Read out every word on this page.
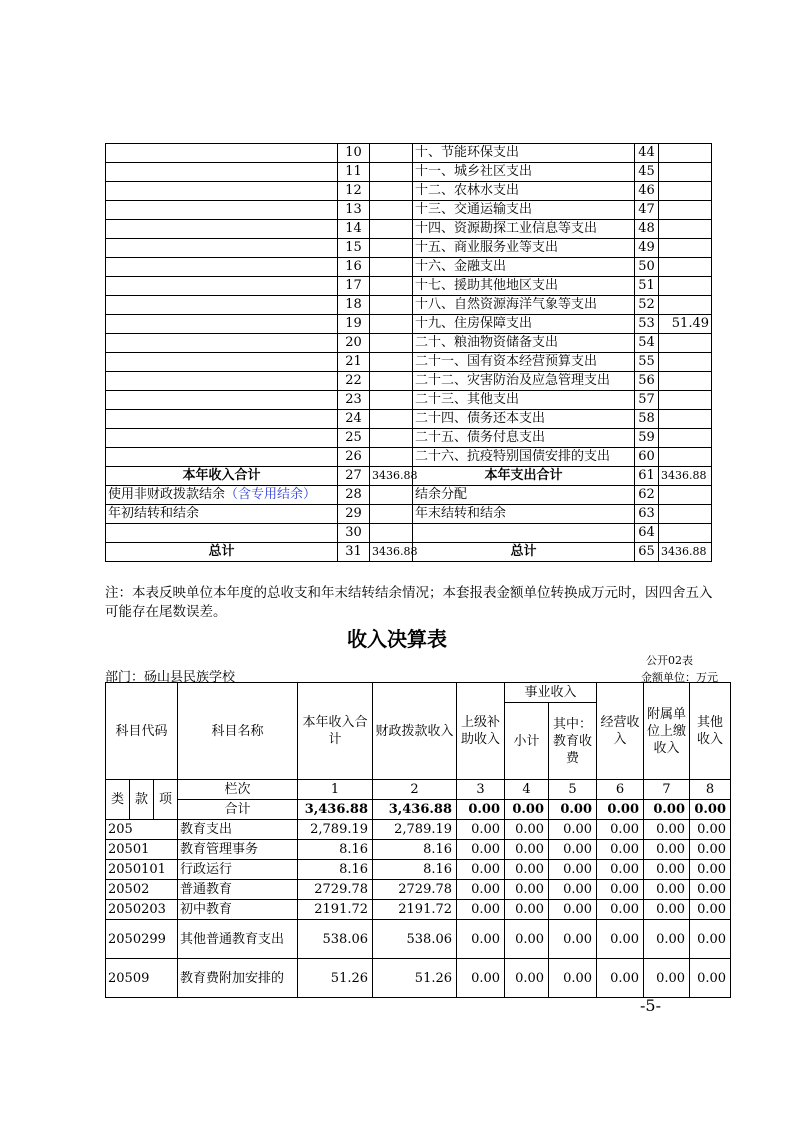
	10		十、节能环保支出	44	
	11		十一、城乡社区支出	45	
	12		十二、农林水支出	46	
	13		十三、交通运输支出	47	
	14		十四、资源勘探工业信息等支出	48	
	15		十五、商业服务业等支出	49	
	16		十六、金融支出	50	
	17		十七、援助其他地区支出	51	
	18		十八、自然资源海洋气象等支出	52	
	19		十九、住房保障支出	53	51.49
	20		二十、粮油物资储备支出	54	
	21		二十一、国有资本经营预算支出	55	
	22		二十二、灾害防治及应急管理支出	56	
	23		二十三、其他支出	57	
	24		二十四、债务还本支出	58	
	25		二十五、债务付息支出	59	
	26		二十六、抗疫特别国债安排的支出	60	
本年收入合计	27	3436.88	本年支出合计	61	3436.88
使用非财政拨款结余（含专用结余）	28		结余分配	62	
年初结转和结余	29		年末结转和结余	63	
	30			64	
总计	31	3436.88	总计	65	3436.88
注：本表反映单位本年度的总收支和年末结转结余情况；本套报表金额单位转换成万元时，因四舍五入可能存在尾数误差。
收入决算表
公开02表
金额单位：万元
部门：砀山县民族学校
科目代码			科目名称	本年收入合计	财政拨款收入	上级补助收入	事业收入		经营收入	附属单位上缴收入	其他收入
							小计	其中：教育收费			
类	款	项	栏次	1	2	3	4	5	6	7	8
			合计	3,436.88	3,436.88	0.00	0.00	0.00	0.00	0.00	0.00
205			教育支出	2,789.19	2,789.19	0.00	0.00	0.00	0.00	0.00	0.00
20501			教育管理事务	8.16	8.16	0.00	0.00	0.00	0.00	0.00	0.00
2050101			行政运行	8.16	8.16	0.00	0.00	0.00	0.00	0.00	0.00
20502			普通教育	2729.78	2729.78	0.00	0.00	0.00	0.00	0.00	0.00
2050203			初中教育	2191.72	2191.72	0.00	0.00	0.00	0.00	0.00	0.00
2050299			其他普通教育支出	538.06	538.06	0.00	0.00	0.00	0.00	0.00	0.00
20509			教育费附加安排的	51.26	51.26	0.00	0.00	0.00	0.00	0.00	0.00
-5-
